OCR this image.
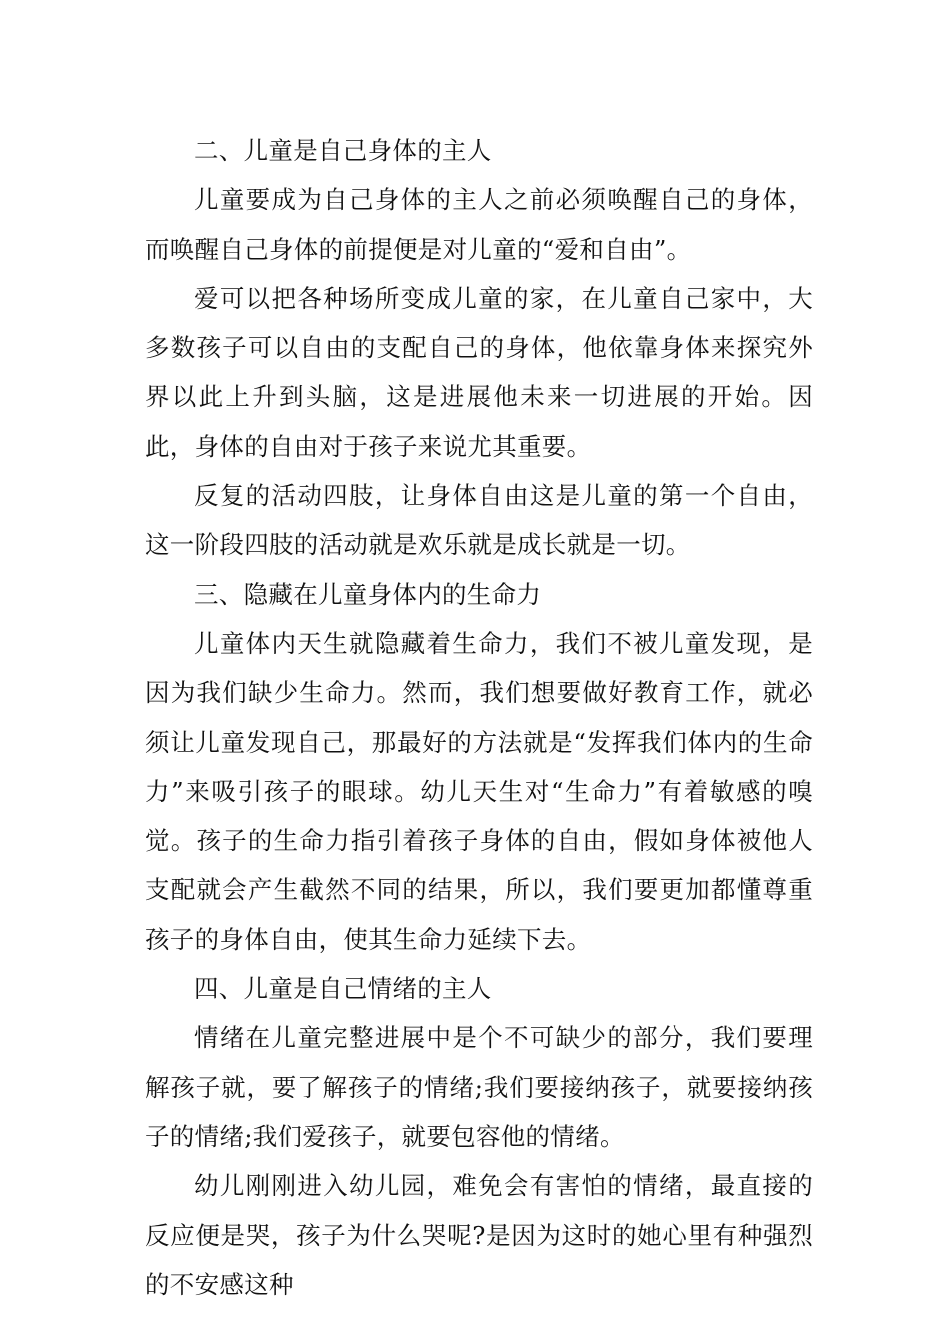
二、儿童是自己身体的主人

儿童要成为自己身体的主人之前必须唤醒自己的身体，而唤醒自己身体的前提便是对儿童的“爱和自由”。

爱可以把各种场所变成儿童的家，在儿童自己家中，大多数孩子可以自由的支配自己的身体，他依靠身体来探究外界以此上升到头脑，这是进展他未来一切进展的开始。因此，身体的自由对于孩子来说尤其重要。

反复的活动四肢，让身体自由这是儿童的第一个自由，这一阶段四肢的活动就是欢乐就是成长就是一切。

三、隐藏在儿童身体内的生命力

儿童体内天生就隐藏着生命力，我们不被儿童发现，是因为我们缺少生命力。然而，我们想要做好教育工作，就必须让儿童发现自己，那最好的方法就是“发挥我们体内的生命力”来吸引孩子的眼球。幼儿天生对“生命力”有着敏感的嗅觉。孩子的生命力指引着孩子身体的自由，假如身体被他人支配就会产生截然不同的结果，所以，我们要更加都懂尊重孩子的身体自由，使其生命力延续下去。

四、儿童是自己情绪的主人

情绪在儿童完整进展中是个不可缺少的部分，我们要理解孩子就，要了解孩子的情绪;我们要接纳孩子，就要接纳孩子的情绪;我们爱孩子，就要包容他的情绪。

幼儿刚刚进入幼儿园，难免会有害怕的情绪，最直接的反应便是哭，孩子为什么哭呢?是因为这时的她心里有种强烈的不安感这种
